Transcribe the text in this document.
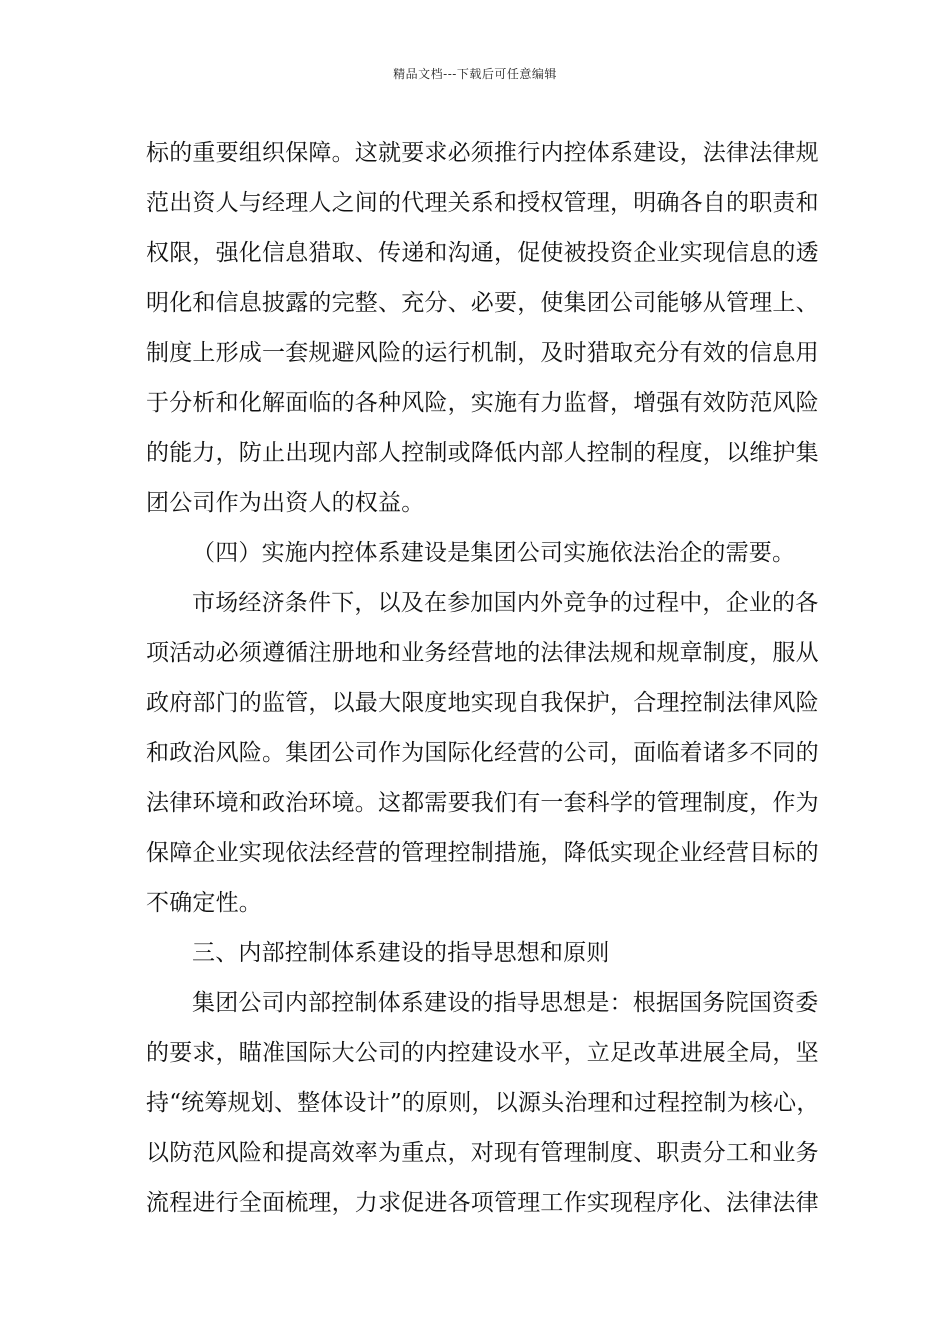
精品文档---下载后可任意编辑
标的重要组织保障。这就要求必须推行内控体系建设，法律法律规
范出资人与经理人之间的代理关系和授权管理，明确各自的职责和
权限，强化信息猎取、传递和沟通，促使被投资企业实现信息的透
明化和信息披露的完整、充分、必要，使集团公司能够从管理上、
制度上形成一套规避风险的运行机制，及时猎取充分有效的信息用
于分析和化解面临的各种风险，实施有力监督，增强有效防范风险
的能力，防止出现内部人控制或降低内部人控制的程度，以维护集
团公司作为出资人的权益。
（四）实施内控体系建设是集团公司实施依法治企的需要。
市场经济条件下，以及在参加国内外竞争的过程中，企业的各
项活动必须遵循注册地和业务经营地的法律法规和规章制度，服从
政府部门的监管，以最大限度地实现自我保护，合理控制法律风险
和政治风险。集团公司作为国际化经营的公司，面临着诸多不同的
法律环境和政治环境。这都需要我们有一套科学的管理制度，作为
保障企业实现依法经营的管理控制措施，降低实现企业经营目标的
不确定性。
三、内部控制体系建设的指导思想和原则
集团公司内部控制体系建设的指导思想是：根据国务院国资委
的要求，瞄准国际大公司的内控建设水平，立足改革进展全局，坚
持“统筹规划、整体设计”的原则，以源头治理和过程控制为核心，
以防范风险和提高效率为重点，对现有管理制度、职责分工和业务
流程进行全面梳理，力求促进各项管理工作实现程序化、法律法律
